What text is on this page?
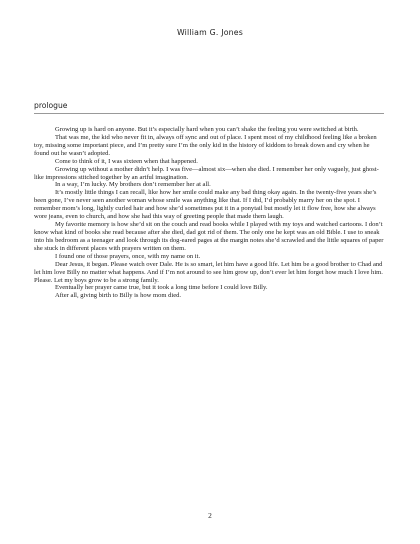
William G. Jones
prologue

Growing up is hard on anyone. But it’s especially hard when you can’t shake the feeling you were switched at birth.

That was me, the kid who never fit in, always off sync and out of place. I spent most of my childhood feeling like a broken toy, missing some important piece, and I’m pretty sure I’m the only kid in the history of kiddom to break down and cry when he found out he wasn’t adopted.

Come to think of it, I was sixteen when that happened.

Growing up without a mother didn’t help. I was five—almost six—when she died. I remember her only vaguely, just ghost-like impressions stitched together by an artful imagination.

In a way, I’m lucky. My brothers don’t remember her at all.

It’s mostly little things I can recall, like how her smile could make any bad thing okay again. In the twenty-five years she’s been gone, I’ve never seen another woman whose smile was anything like that. If I did, I’d probably marry her on the spot. I remember mom’s long, lightly curled hair and how she’d sometimes put it in a ponytail but mostly let it flow free, how she always wore jeans, even to church, and how she had this way of greeting people that made them laugh.

My favorite memory is how she’d sit on the couch and read books while I played with my toys and watched cartoons. I don’t know what kind of books she read because after she died, dad got rid of them. The only one he kept was an old Bible. I use to sneak into his bedroom as a teenager and look through its dog-eared pages at the margin notes she’d scrawled and the little squares of paper she stuck in different places with prayers written on them.

I found one of those prayers, once, with my name on it.

Dear Jesus, it began. Please watch over Dale. He is so smart, let him have a good life. Let him be a good brother to Chad and let him love Billy no matter what happens. And if I’m not around to see him grow up, don’t ever let him forget how much I love him. Please. Let my boys grow to be a strong family.

Eventually her prayer came true, but it took a long time before I could love Billy.

After all, giving birth to Billy is how mom died.

2
